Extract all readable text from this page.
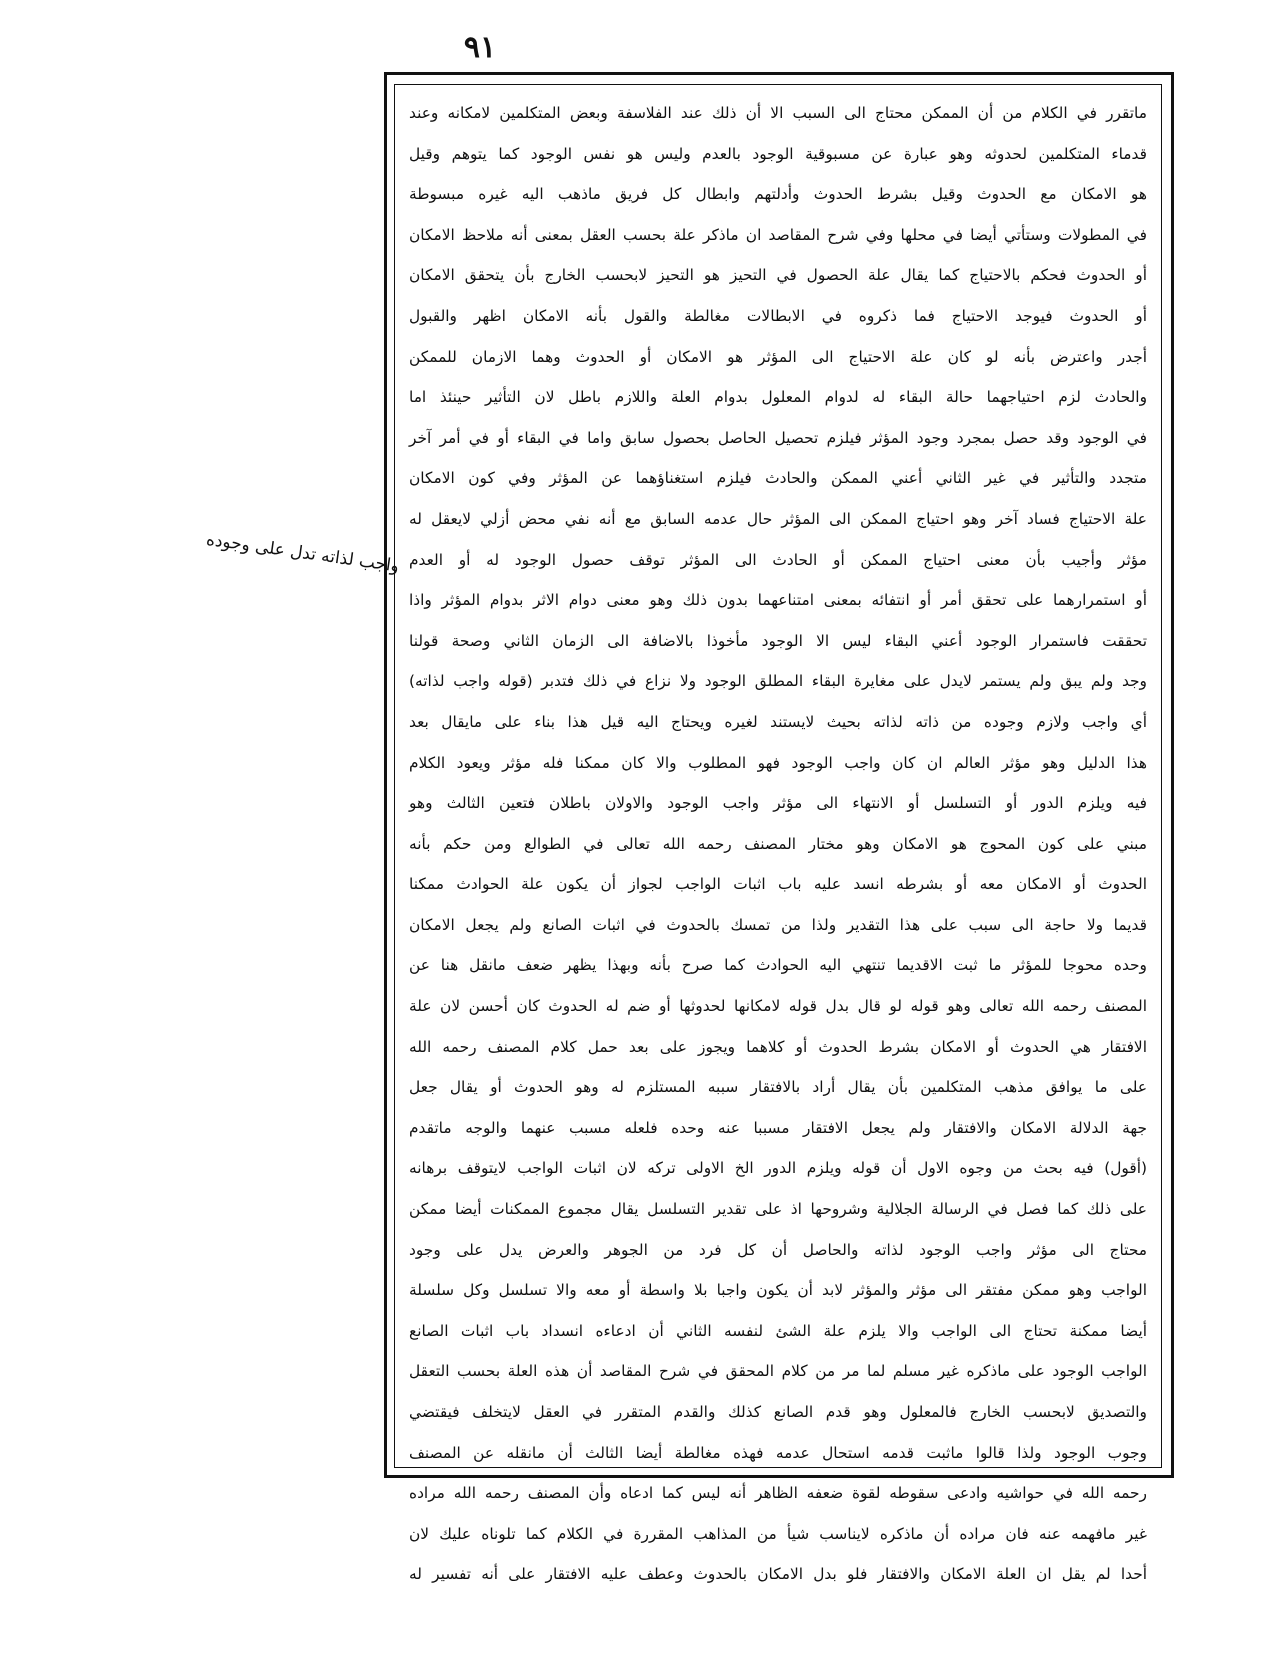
٩١
واجب لذاته تدل على وجوده
ماتقرر في الكلام من أن الممكن محتاج الى السبب الا أن ذلك عند الفلاسفة وبعض المتكلمين لامكانه وعند
قدماء المتكلمين لحدوثه وهو عبارة عن مسبوقية الوجود بالعدم وليس هو نفس الوجود كما يتوهم وقيل
هو الامكان مع الحدوث وقيل بشرط الحدوث وأدلتهم وابطال كل فريق ماذهب اليه غيره مبسوطة
في المطولات وستأتي أيضا في محلها وفي شرح المقاصد ان ماذكر علة بحسب العقل بمعنى أنه ملاحظ الامكان
أو الحدوث فحكم بالاحتياج كما يقال علة الحصول في التحيز هو التحيز لابحسب الخارج بأن يتحقق الامكان
أو الحدوث فيوجد الاحتياج فما ذكروه في الابطالات مغالطة والقول بأنه الامكان اظهر والقبول
أجدر واعترض بأنه لو كان علة الاحتياج الى المؤثر هو الامكان أو الحدوث وهما الازمان للممكن
والحادث لزم احتياجهما حالة البقاء له لدوام المعلول بدوام العلة واللازم باطل لان التأثير حينئذ اما
في الوجود وقد حصل بمجرد وجود المؤثر فيلزم تحصيل الحاصل بحصول سابق واما في البقاء أو في أمر آخر
متجدد والتأثير في غير الثاني أعني الممكن والحادث فيلزم استغناؤهما عن المؤثر وفي كون الامكان
علة الاحتياج فساد آخر وهو احتياج الممكن الى المؤثر حال عدمه السابق مع أنه نفي محض أزلي لايعقل له
مؤثر وأجيب بأن معنى احتياج الممكن أو الحادث الى المؤثر توقف حصول الوجود له أو العدم
أو استمرارهما على تحقق أمر أو انتفائه بمعنى امتناعهما بدون ذلك وهو معنى دوام الاثر بدوام المؤثر واذا
تحققت فاستمرار الوجود أعني البقاء ليس الا الوجود مأخوذا بالاضافة الى الزمان الثاني وصحة قولنا
وجد ولم يبق ولم يستمر لايدل على مغايرة البقاء المطلق الوجود ولا نزاع في ذلك فتدبر (قوله واجب لذاته)
أي واجب ولازم وجوده من ذاته لذاته بحيث لايستند لغيره ويحتاج اليه قيل هذا بناء على مايقال بعد
هذا الدليل وهو مؤثر العالم ان كان واجب الوجود فهو المطلوب والا كان ممكنا فله مؤثر ويعود الكلام
فيه ويلزم الدور أو التسلسل أو الانتهاء الى مؤثر واجب الوجود والاولان باطلان فتعين الثالث وهو
مبني على كون المحوج هو الامكان وهو مختار المصنف رحمه الله تعالى في الطوالع ومن حكم بأنه
الحدوث أو الامكان معه أو بشرطه انسد عليه باب اثبات الواجب لجواز أن يكون علة الحوادث ممكنا
قديما ولا حاجة الى سبب على هذا التقدير ولذا من تمسك بالحدوث في اثبات الصانع ولم يجعل الامكان
وحده محوجا للمؤثر ما ثبت الاقديما تنتهي اليه الحوادث كما صرح بأنه وبهذا يظهر ضعف مانقل هنا عن
المصنف رحمه الله تعالى وهو قوله لو قال بدل قوله لامكانها لحدوثها أو ضم له الحدوث كان أحسن لان علة
الافتقار هي الحدوث أو الامكان بشرط الحدوث أو كلاهما ويجوز على بعد حمل كلام المصنف رحمه الله
على ما يوافق مذهب المتكلمين بأن يقال أراد بالافتقار سببه المستلزم له وهو الحدوث أو يقال جعل
جهة الدلالة الامكان والافتقار ولم يجعل الافتقار مسببا عنه وحده فلعله مسبب عنهما والوجه ماتقدم
(أقول) فيه بحث من وجوه الاول أن قوله ويلزم الدور الخ الاولى تركه لان اثبات الواجب لايتوقف برهانه
على ذلك كما فصل في الرسالة الجلالية وشروحها اذ على تقدير التسلسل يقال مجموع الممكنات أيضا ممكن
محتاج الى مؤثر واجب الوجود لذاته والحاصل أن كل فرد من الجوهر والعرض يدل على وجود
الواجب وهو ممكن مفتقر الى مؤثر والمؤثر لابد أن يكون واجبا بلا واسطة أو معه والا تسلسل وكل سلسلة
أيضا ممكنة تحتاج الى الواجب والا يلزم علة الشئ لنفسه الثاني أن ادعاءه انسداد باب اثبات الصانع
الواجب الوجود على ماذكره غير مسلم لما مر من كلام المحقق في شرح المقاصد أن هذه العلة بحسب التعقل
والتصديق لابحسب الخارج فالمعلول وهو قدم الصانع كذلك والقدم المتقرر في العقل لايتخلف فيقتضي
وجوب الوجود ولذا قالوا ماثبت قدمه استحال عدمه فهذه مغالطة أيضا الثالث أن مانقله عن المصنف
رحمه الله في حواشيه وادعى سقوطه لقوة ضعفه الظاهر أنه ليس كما ادعاه وأن المصنف رحمه الله مراده
غير مافهمه عنه فان مراده أن ماذكره لايناسب شيأ من المذاهب المقررة في الكلام كما تلوناه عليك لان
أحدا لم يقل ان العلة الامكان والافتقار فلو بدل الامكان بالحدوث وعطف عليه الافتقار على أنه تفسير له
